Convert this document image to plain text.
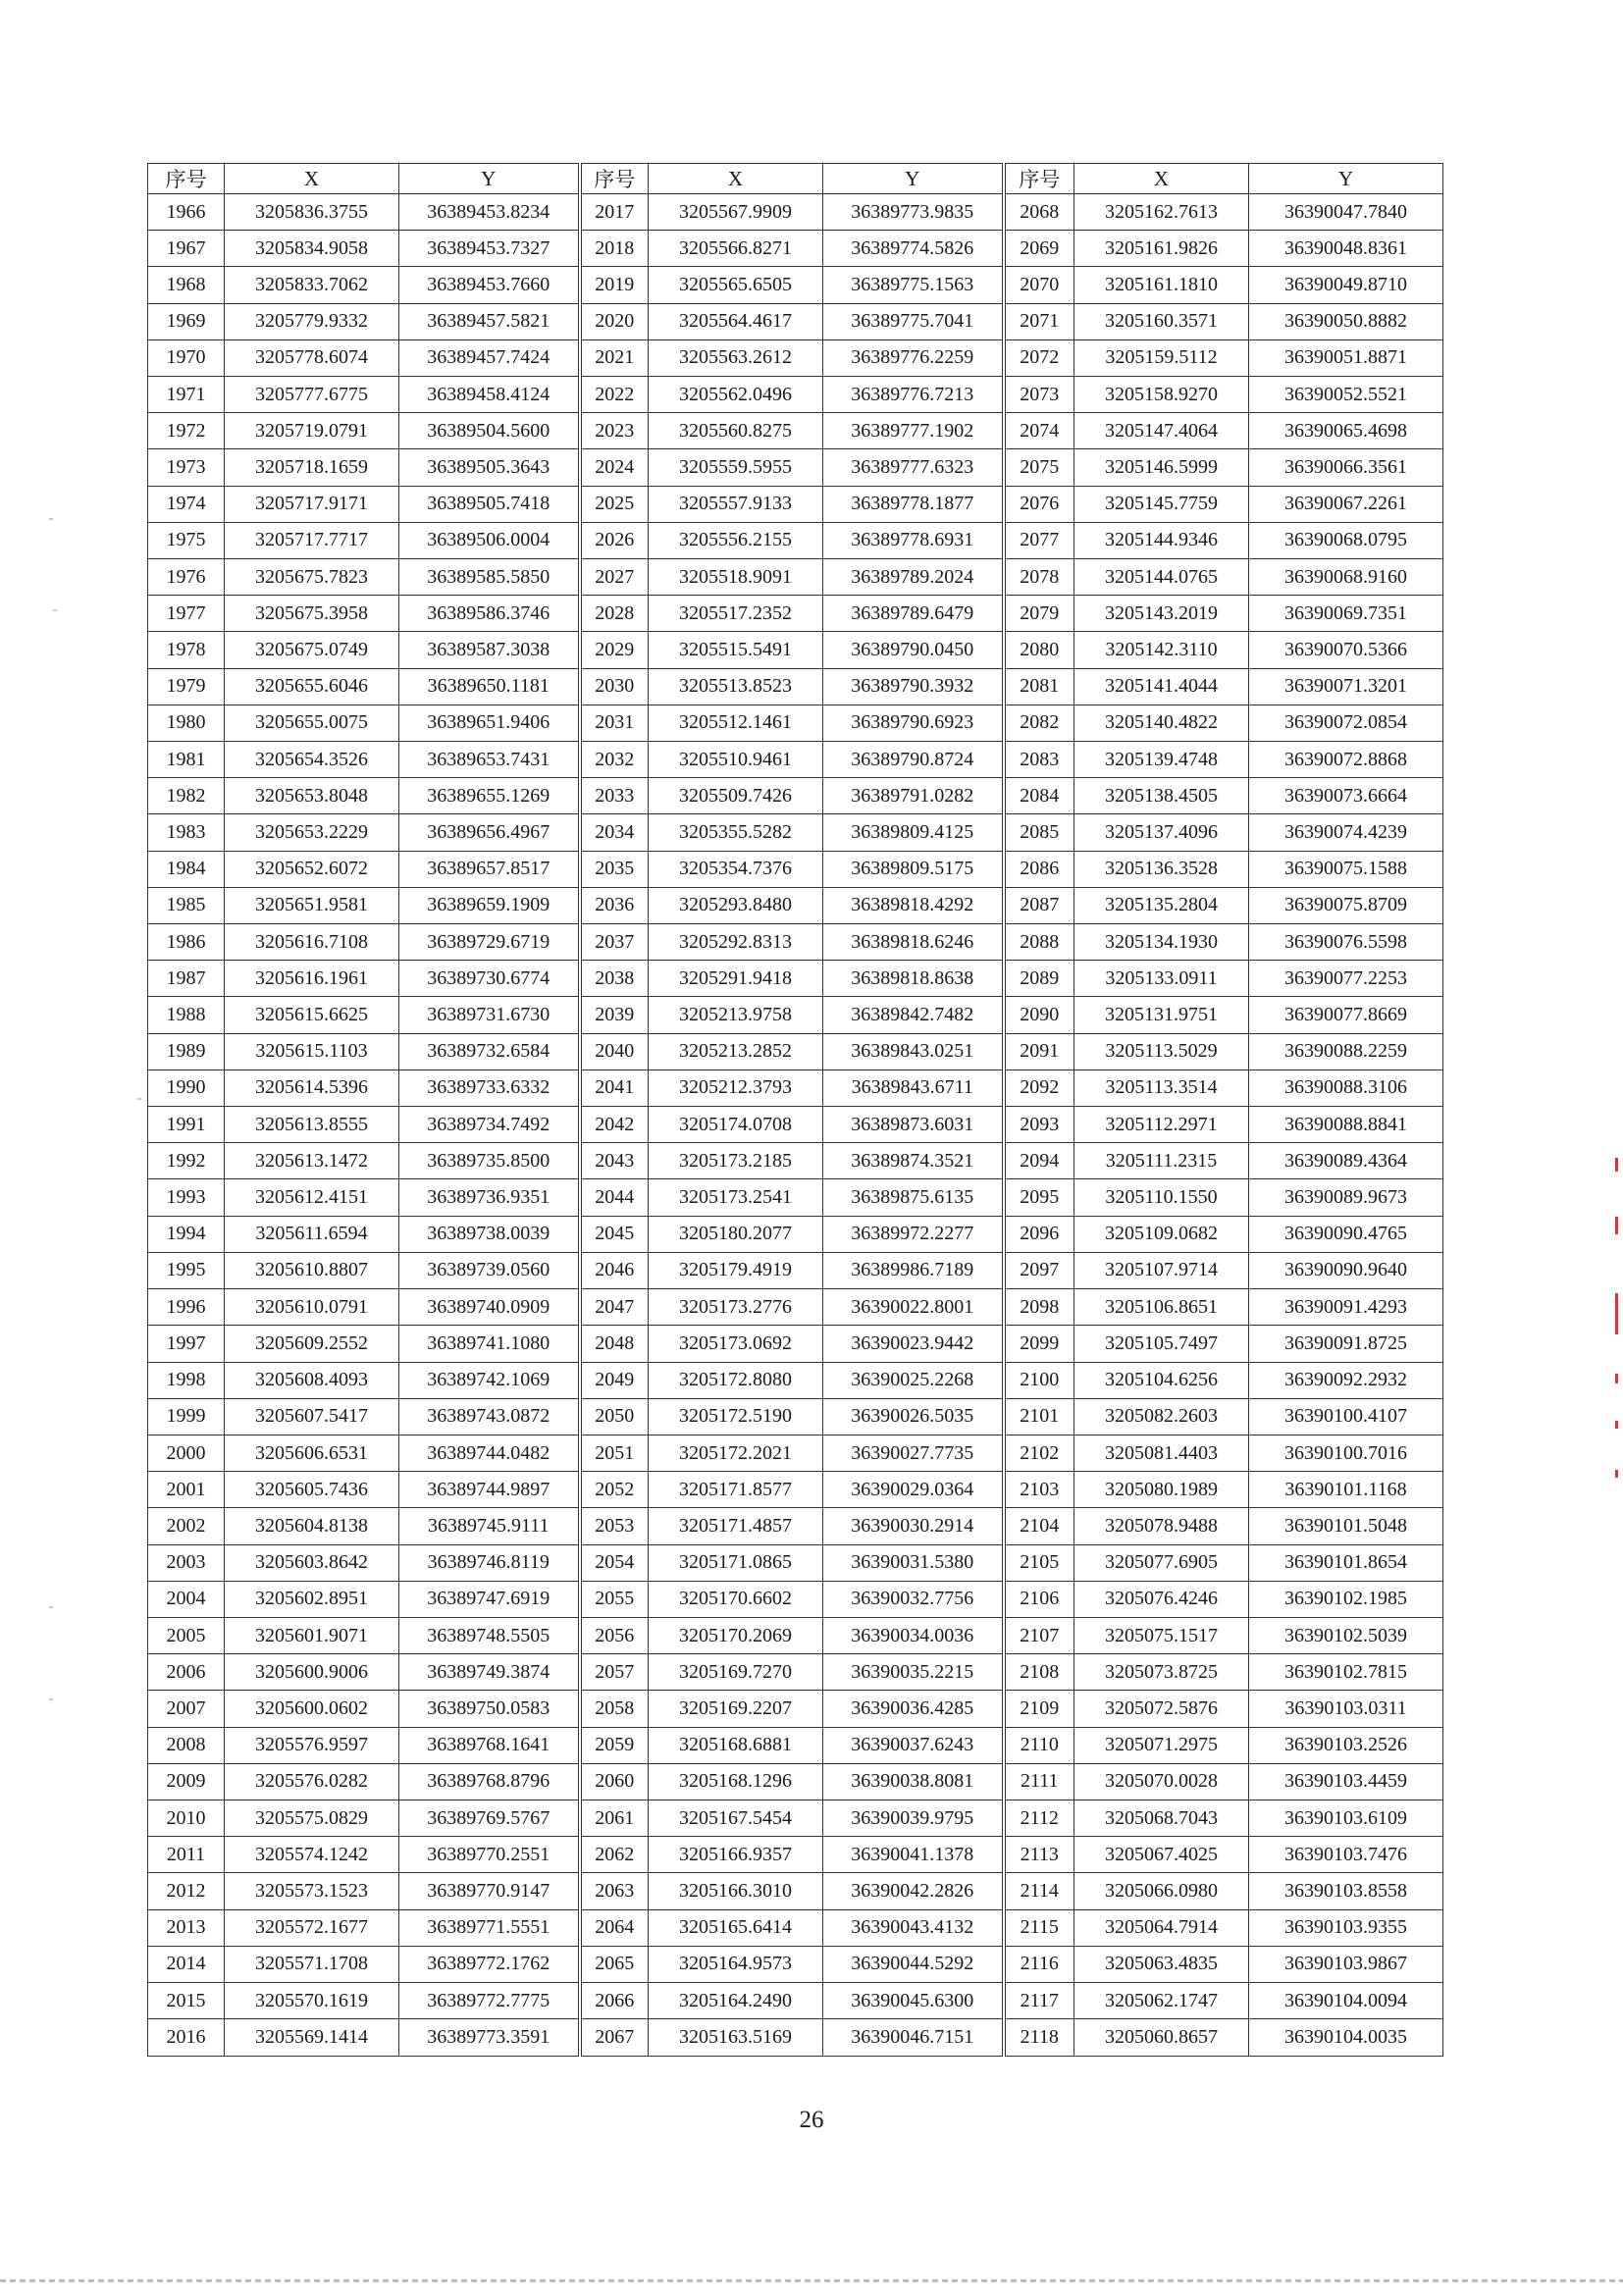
序号	X	Y	序号	X	Y	序号	X	Y
1966	3205836.3755	36389453.8234	2017	3205567.9909	36389773.9835	2068	3205162.7613	36390047.7840
1967	3205834.9058	36389453.7327	2018	3205566.8271	36389774.5826	2069	3205161.9826	36390048.8361
1968	3205833.7062	36389453.7660	2019	3205565.6505	36389775.1563	2070	3205161.1810	36390049.8710
1969	3205779.9332	36389457.5821	2020	3205564.4617	36389775.7041	2071	3205160.3571	36390050.8882
1970	3205778.6074	36389457.7424	2021	3205563.2612	36389776.2259	2072	3205159.5112	36390051.8871
1971	3205777.6775	36389458.4124	2022	3205562.0496	36389776.7213	2073	3205158.9270	36390052.5521
1972	3205719.0791	36389504.5600	2023	3205560.8275	36389777.1902	2074	3205147.4064	36390065.4698
1973	3205718.1659	36389505.3643	2024	3205559.5955	36389777.6323	2075	3205146.5999	36390066.3561
1974	3205717.9171	36389505.7418	2025	3205557.9133	36389778.1877	2076	3205145.7759	36390067.2261
1975	3205717.7717	36389506.0004	2026	3205556.2155	36389778.6931	2077	3205144.9346	36390068.0795
1976	3205675.7823	36389585.5850	2027	3205518.9091	36389789.2024	2078	3205144.0765	36390068.9160
1977	3205675.3958	36389586.3746	2028	3205517.2352	36389789.6479	2079	3205143.2019	36390069.7351
1978	3205675.0749	36389587.3038	2029	3205515.5491	36389790.0450	2080	3205142.3110	36390070.5366
1979	3205655.6046	36389650.1181	2030	3205513.8523	36389790.3932	2081	3205141.4044	36390071.3201
1980	3205655.0075	36389651.9406	2031	3205512.1461	36389790.6923	2082	3205140.4822	36390072.0854
1981	3205654.3526	36389653.7431	2032	3205510.9461	36389790.8724	2083	3205139.4748	36390072.8868
1982	3205653.8048	36389655.1269	2033	3205509.7426	36389791.0282	2084	3205138.4505	36390073.6664
1983	3205653.2229	36389656.4967	2034	3205355.5282	36389809.4125	2085	3205137.4096	36390074.4239
1984	3205652.6072	36389657.8517	2035	3205354.7376	36389809.5175	2086	3205136.3528	36390075.1588
1985	3205651.9581	36389659.1909	2036	3205293.8480	36389818.4292	2087	3205135.2804	36390075.8709
1986	3205616.7108	36389729.6719	2037	3205292.8313	36389818.6246	2088	3205134.1930	36390076.5598
1987	3205616.1961	36389730.6774	2038	3205291.9418	36389818.8638	2089	3205133.0911	36390077.2253
1988	3205615.6625	36389731.6730	2039	3205213.9758	36389842.7482	2090	3205131.9751	36390077.8669
1989	3205615.1103	36389732.6584	2040	3205213.2852	36389843.0251	2091	3205113.5029	36390088.2259
1990	3205614.5396	36389733.6332	2041	3205212.3793	36389843.6711	2092	3205113.3514	36390088.3106
1991	3205613.8555	36389734.7492	2042	3205174.0708	36389873.6031	2093	3205112.2971	36390088.8841
1992	3205613.1472	36389735.8500	2043	3205173.2185	36389874.3521	2094	3205111.2315	36390089.4364
1993	3205612.4151	36389736.9351	2044	3205173.2541	36389875.6135	2095	3205110.1550	36390089.9673
1994	3205611.6594	36389738.0039	2045	3205180.2077	36389972.2277	2096	3205109.0682	36390090.4765
1995	3205610.8807	36389739.0560	2046	3205179.4919	36389986.7189	2097	3205107.9714	36390090.9640
1996	3205610.0791	36389740.0909	2047	3205173.2776	36390022.8001	2098	3205106.8651	36390091.4293
1997	3205609.2552	36389741.1080	2048	3205173.0692	36390023.9442	2099	3205105.7497	36390091.8725
1998	3205608.4093	36389742.1069	2049	3205172.8080	36390025.2268	2100	3205104.6256	36390092.2932
1999	3205607.5417	36389743.0872	2050	3205172.5190	36390026.5035	2101	3205082.2603	36390100.4107
2000	3205606.6531	36389744.0482	2051	3205172.2021	36390027.7735	2102	3205081.4403	36390100.7016
2001	3205605.7436	36389744.9897	2052	3205171.8577	36390029.0364	2103	3205080.1989	36390101.1168
2002	3205604.8138	36389745.9111	2053	3205171.4857	36390030.2914	2104	3205078.9488	36390101.5048
2003	3205603.8642	36389746.8119	2054	3205171.0865	36390031.5380	2105	3205077.6905	36390101.8654
2004	3205602.8951	36389747.6919	2055	3205170.6602	36390032.7756	2106	3205076.4246	36390102.1985
2005	3205601.9071	36389748.5505	2056	3205170.2069	36390034.0036	2107	3205075.1517	36390102.5039
2006	3205600.9006	36389749.3874	2057	3205169.7270	36390035.2215	2108	3205073.8725	36390102.7815
2007	3205600.0602	36389750.0583	2058	3205169.2207	36390036.4285	2109	3205072.5876	36390103.0311
2008	3205576.9597	36389768.1641	2059	3205168.6881	36390037.6243	2110	3205071.2975	36390103.2526
2009	3205576.0282	36389768.8796	2060	3205168.1296	36390038.8081	2111	3205070.0028	36390103.4459
2010	3205575.0829	36389769.5767	2061	3205167.5454	36390039.9795	2112	3205068.7043	36390103.6109
2011	3205574.1242	36389770.2551	2062	3205166.9357	36390041.1378	2113	3205067.4025	36390103.7476
2012	3205573.1523	36389770.9147	2063	3205166.3010	36390042.2826	2114	3205066.0980	36390103.8558
2013	3205572.1677	36389771.5551	2064	3205165.6414	36390043.4132	2115	3205064.7914	36390103.9355
2014	3205571.1708	36389772.1762	2065	3205164.9573	36390044.5292	2116	3205063.4835	36390103.9867
2015	3205570.1619	36389772.7775	2066	3205164.2490	36390045.6300	2117	3205062.1747	36390104.0094
2016	3205569.1414	36389773.3591	2067	3205163.5169	36390046.7151	2118	3205060.8657	36390104.0035
26
